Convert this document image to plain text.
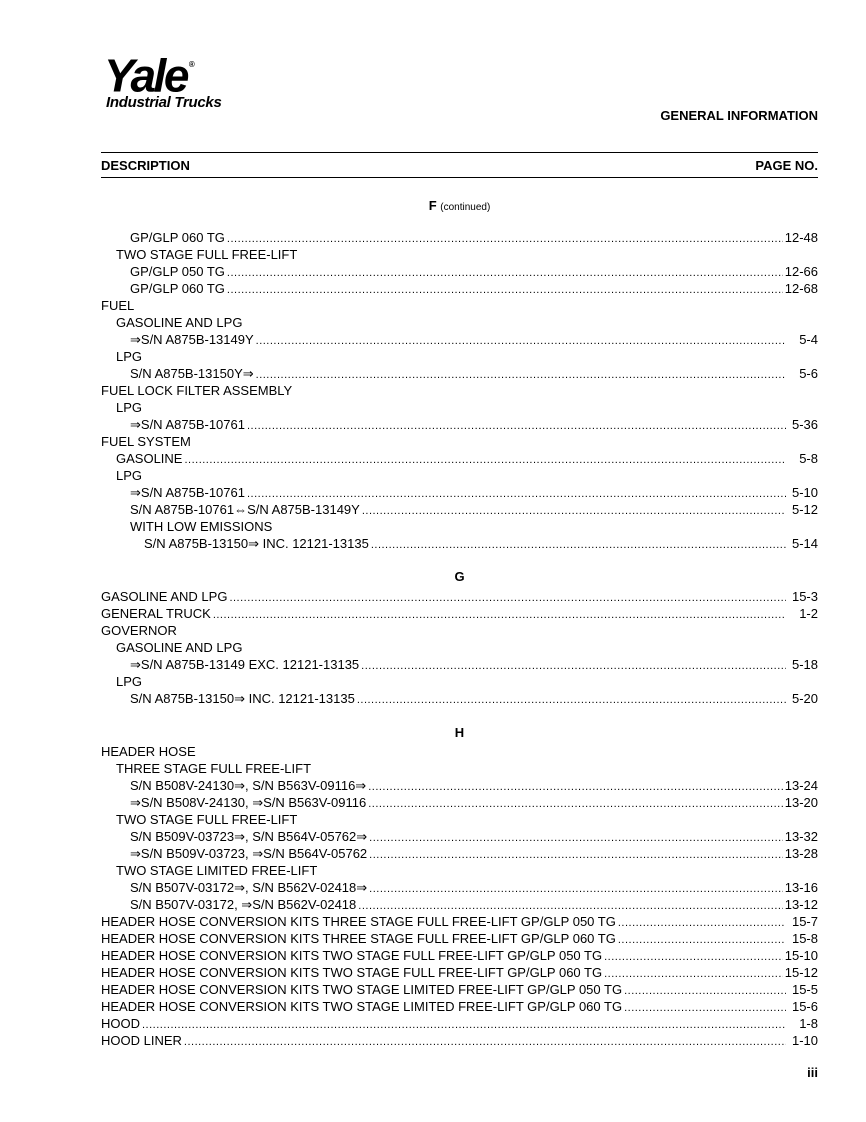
Yale ®
Industrial Trucks
GENERAL INFORMATION
DESCRIPTION	PAGE NO.
F (continued)
GP/GLP 060 TG .....	12-48
TWO STAGE FULL FREE-LIFT
GP/GLP 050 TG .....	12-66
GP/GLP 060 TG .....	12-68
FUEL
GASOLINE AND LPG
⇒S/N A875B-13149Y .....	5-4
LPG
S/N A875B-13150Y⇒ .....	5-6
FUEL LOCK FILTER ASSEMBLY
LPG
⇒S/N A875B-10761 .....	5-36
FUEL SYSTEM
GASOLINE .....	5-8
LPG
⇒S/N A875B-10761 .....	5-10
S/N A875B-10761⇔S/N A875B-13149Y .....	5-12
WITH LOW EMISSIONS
S/N A875B-13150⇒ INC. 12121-13135 .....	5-14
G
GASOLINE AND LPG .....	15-3
GENERAL TRUCK .....	1-2
GOVERNOR
GASOLINE AND LPG
⇒S/N A875B-13149 EXC. 12121-13135 .....	5-18
LPG
S/N A875B-13150⇒ INC. 12121-13135 .....	5-20
H
HEADER HOSE
THREE STAGE FULL FREE-LIFT
S/N B508V-24130⇒, S/N B563V-09116⇒ .....	13-24
⇒S/N B508V-24130, ⇒S/N B563V-09116 .....	13-20
TWO STAGE FULL FREE-LIFT
S/N B509V-03723⇒, S/N B564V-05762⇒ .....	13-32
⇒S/N B509V-03723, ⇒S/N B564V-05762 .....	13-28
TWO STAGE LIMITED FREE-LIFT
S/N B507V-03172⇒, S/N B562V-02418⇒ .....	13-16
S/N B507V-03172, ⇒S/N B562V-02418 .....	13-12
HEADER HOSE CONVERSION KITS THREE STAGE FULL FREE-LIFT GP/GLP 050 TG .....	15-7
HEADER HOSE CONVERSION KITS THREE STAGE FULL FREE-LIFT GP/GLP 060 TG .....	15-8
HEADER HOSE CONVERSION KITS TWO STAGE FULL FREE-LIFT GP/GLP 050 TG .....	15-10
HEADER HOSE CONVERSION KITS TWO STAGE FULL FREE-LIFT GP/GLP 060 TG .....	15-12
HEADER HOSE CONVERSION KITS TWO STAGE LIMITED FREE-LIFT GP/GLP 050 TG .....	15-5
HEADER HOSE CONVERSION KITS TWO STAGE LIMITED FREE-LIFT GP/GLP 060 TG .....	15-6
HOOD .....	1-8
HOOD LINER .....	1-10
iii
